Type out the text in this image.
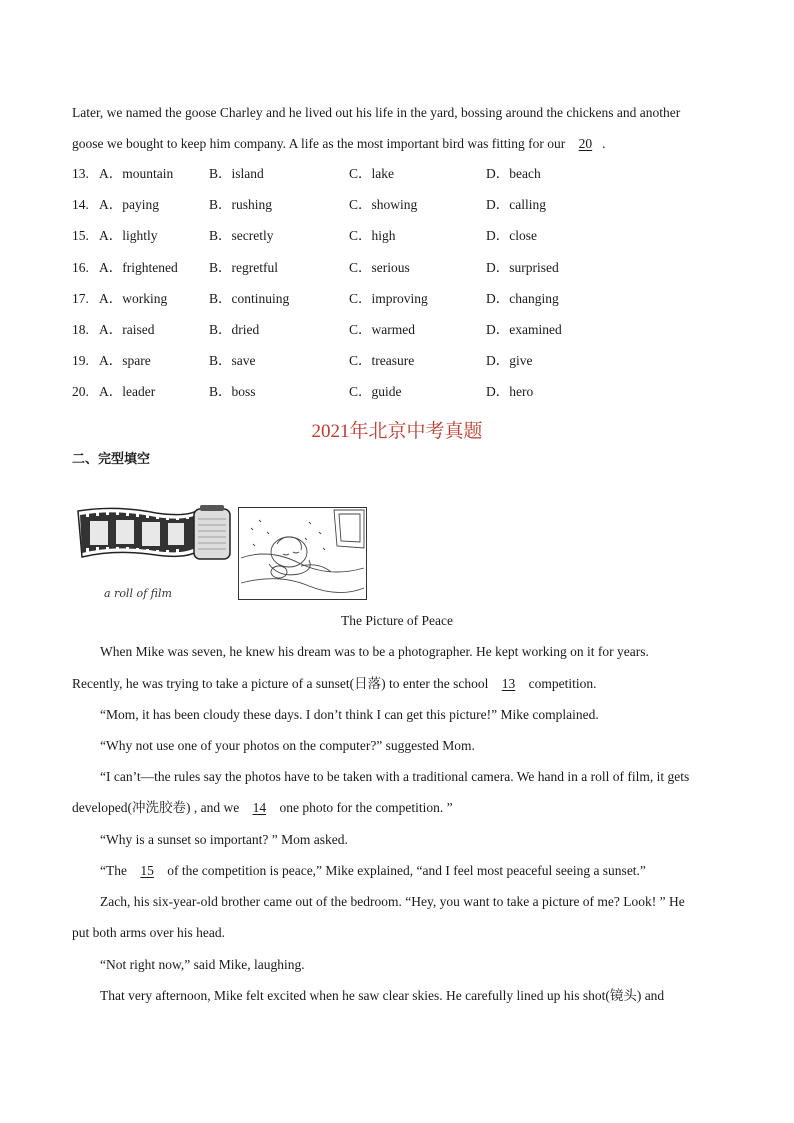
Later, we named the goose Charley and he lived out his life in the yard, bossing around the chickens and another
goose we bought to keep him company. A life as the most important bird was fitting for our 20 .
13. A．mountain	B．island	C．lake	D．beach
14. A．paying	B．rushing	C．showing	D．calling
15. A．lightly	B．secretly	C．high	D．close
16. A．frightened B．regretful	C．serious	D．surprised
17. A．working	B．continuing	C．improving	D．changing
18. A．raised	B．dried	C．warmed	D．examined
19. A．spare	B．save	C．treasure	D．give
20. A．leader	B．boss	C．guide	D．hero
2021年北京中考真题
二、完型填空
a roll of film
The Picture of Peace
When Mike was seven, he knew his dream was to be a photographer. He kept working on it for years.
Recently, he was trying to take a picture of a sunset(日落) to enter the school 13 competition.
“Mom, it has been cloudy these days. I don’t think I can get this picture!” Mike complained.
“Why not use one of your photos on the computer?” suggested Mom.
“I can’t—the rules say the photos have to be taken with a traditional camera. We hand in a roll of film, it gets
developed(冲洗胶卷) , and we 14 one photo for the competition. ”
“Why is a sunset so important? ” Mom asked.
“The 15 of the competition is peace,” Mike explained, “and I feel most peaceful seeing a sunset.”
Zach, his six-year-old brother came out of the bedroom. “Hey, you want to take a picture of me? Look! ” He
put both arms over his head.
“Not right now,” said Mike, laughing.
That very afternoon, Mike felt excited when he saw clear skies. He carefully lined up his shot(镜头) and
